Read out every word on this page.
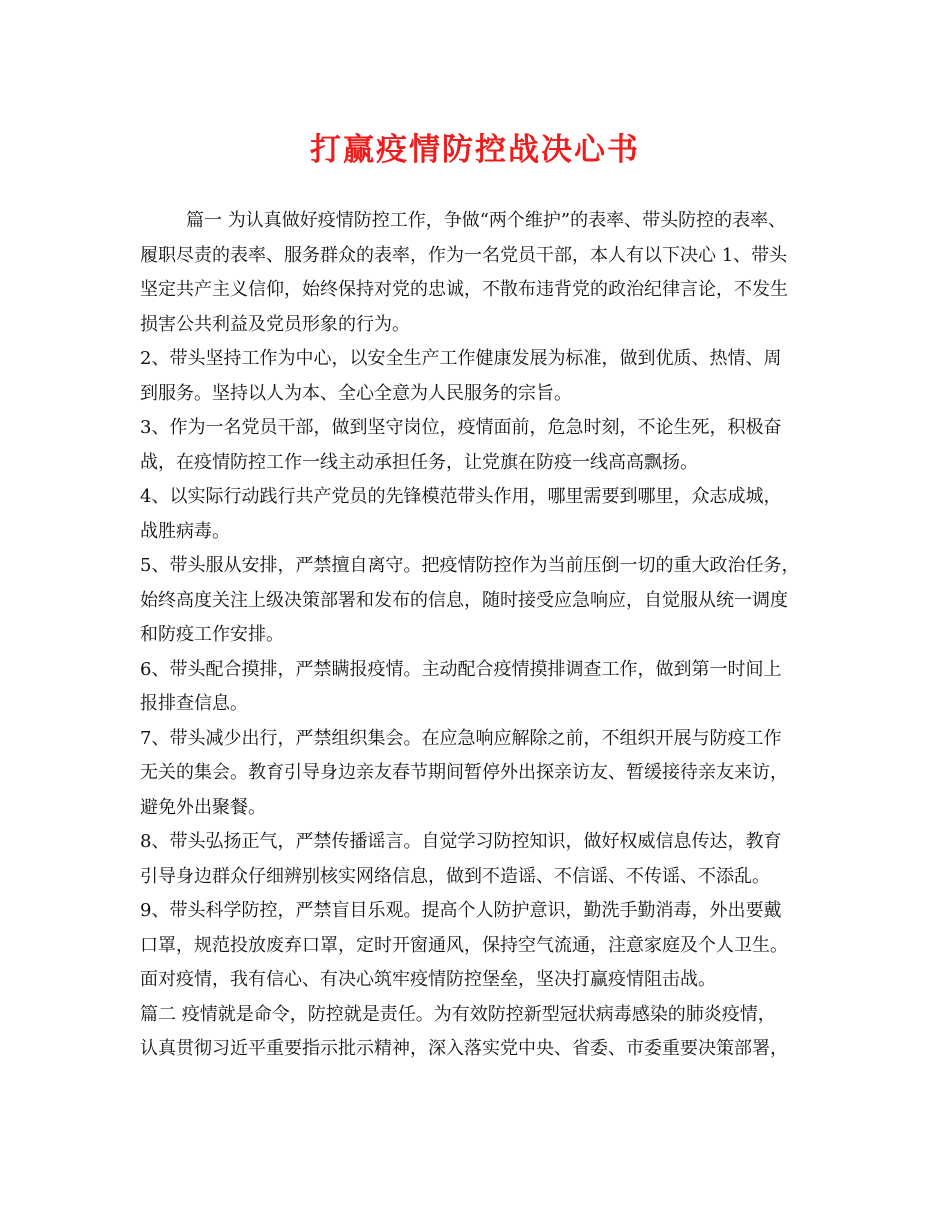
打赢疫情防控战决心书
篇一 为认真做好疫情防控工作，争做“两个维护”的表率、带头防控的表率、
履职尽责的表率、服务群众的表率，作为一名党员干部，本人有以下决心 1、带头
坚定共产主义信仰，始终保持对党的忠诚，不散布违背党的政治纪律言论，不发生
损害公共利益及党员形象的行为。
2、带头坚持工作为中心，以安全生产工作健康发展为标准，做到优质、热情、周
到服务。坚持以人为本、全心全意为人民服务的宗旨。
3、作为一名党员干部，做到坚守岗位，疫情面前，危急时刻，不论生死，积极奋
战，在疫情防控工作一线主动承担任务，让党旗在防疫一线高高飘扬。
4、以实际行动践行共产党员的先锋模范带头作用，哪里需要到哪里，众志成城，
战胜病毒。
5、带头服从安排，严禁擅自离守。把疫情防控作为当前压倒一切的重大政治任务，
始终高度关注上级决策部署和发布的信息，随时接受应急响应，自觉服从统一调度
和防疫工作安排。
6、带头配合摸排，严禁瞒报疫情。主动配合疫情摸排调查工作，做到第一时间上
报排查信息。
7、带头减少出行，严禁组织集会。在应急响应解除之前，不组织开展与防疫工作
无关的集会。教育引导身边亲友春节期间暂停外出探亲访友、暂缓接待亲友来访，
避免外出聚餐。
8、带头弘扬正气，严禁传播谣言。自觉学习防控知识，做好权威信息传达，教育
引导身边群众仔细辨别核实网络信息，做到不造谣、不信谣、不传谣、不添乱。
9、带头科学防控，严禁盲目乐观。提高个人防护意识，勤洗手勤消毒，外出要戴
口罩，规范投放废弃口罩，定时开窗通风，保持空气流通，注意家庭及个人卫生。
面对疫情，我有信心、有决心筑牢疫情防控堡垒，坚决打赢疫情阻击战。
篇二 疫情就是命令，防控就是责任。为有效防控新型冠状病毒感染的肺炎疫情，
认真贯彻习近平重要指示批示精神，深入落实党中央、省委、市委重要决策部署，
